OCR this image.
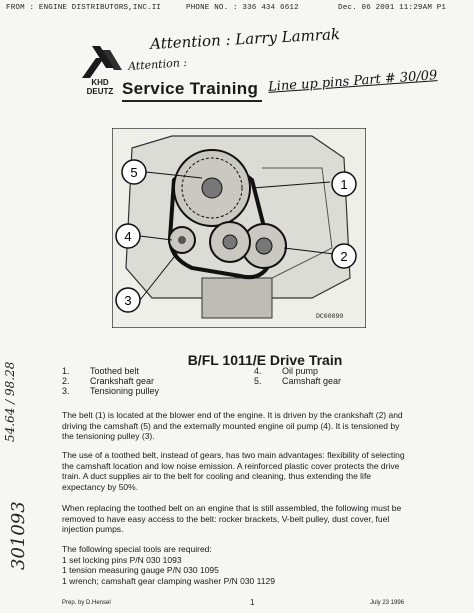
FROM : ENGINE DISTRIBUTORS,INC.II	PHONE NO. : 336 434 6612	Dec. 06 2001 11:29AM P1
Attention : Larry Lamrak
Attention :
Line up pins Part # 30/09
KHD
DEUTZ Service Training
1
2
3
4
5
DC00090
B/FL 1011/E Drive Train
1. Toothed belt
2. Crankshaft gear
3. Tensioning pulley
4. Oil pump
5. Camshaft gear
The belt (1) is located at the blower end of the engine. It is driven by the crankshaft (2) and driving the camshaft (5) and the externally mounted engine oil pump (4). It is tensioned by the tensioning pulley (3).
The use of a toothed belt, instead of gears, has two main advantages: flexibility of selecting the camshaft location and low noise emission. A reinforced plastic cover protects the drive train. A duct supplies air to the belt for cooling and cleaning, thus extending the life expectancy by 50%.
When replacing the toothed belt on an engine that is still assembled, the following must be removed to have easy access to the belt: rocker brackets, V-belt pulley, dust cover, fuel injection pumps.
The following special tools are required:
1 set locking pins P/N 030 1093
1 tension measuring gauge P/N 030 1095
1 wrench; camshaft gear clamping washer P/N 030 1129
54.64 / 98.28
301093
Prep. by D.Hensel	1	July 23 1996
